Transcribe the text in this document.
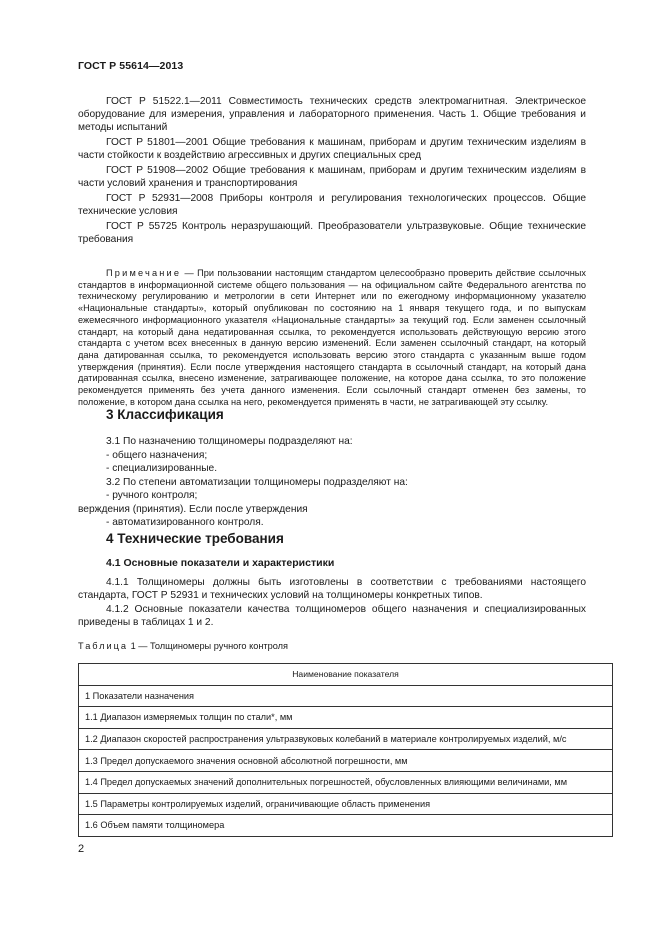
ГОСТ Р 55614—2013

ГОСТ Р 51522.1—2011 Совместимость технических средств электромагнитная. Электрическое оборудование для измерения, управления и лабораторного применения. Часть 1. Общие требования и методы испытаний

ГОСТ Р 51801—2001 Общие требования к машинам, приборам и другим техническим изделиям в части стойкости к воздействию агрессивных и других специальных сред

ГОСТ Р 51908—2002 Общие требования к машинам, приборам и другим техническим изделиям в части условий хранения и транспортирования

ГОСТ Р 52931—2008 Приборы контроля и регулирования технологических процессов. Общие технические условия

ГОСТ Р 55725 Контроль неразрушающий. Преобразователи ультразвуковые. Общие технические требования

Примечание — При пользовании настоящим стандартом целесообразно проверить действие ссылочных стандартов в информационной системе общего пользования — на официальном сайте Федерального агентства по техническому регулированию и метрологии в сети Интернет или по ежегодному информационному указателю «Национальные стандарты», который опубликован по состоянию на 1 января текущего года, и по выпускам ежемесячного информационного указателя «Национальные стандарты» за текущий год. Если заменен ссылочный стандарт, на который дана недатированная ссылка, то рекомендуется использовать действующую версию этого стандарта с учетом всех внесенных в данную версию изменений. Если заменен ссылочный стандарт, на который дана датированная ссылка, то рекомендуется использовать версию этого стандарта с указанным выше годом утверждения (принятия). Если после утверждения настоящего стандарта в ссылочный стандарт, на который дана датированная ссылка, внесено изменение, затрагивающее положение, на которое дана ссылка, то это положение рекомендуется применять без учета данного изменения. Если ссылочный стандарт отменен без замены, то положение, в котором дана ссылка на него, рекомендуется применять в части, не затрагивающей эту ссылку.

3 Классификация

3.1 По назначению толщиномеры подразделяют на:

- общего назначения;

- специализированные.

3.2 По степени автоматизации толщиномеры подразделяют на:

- ручного контроля;

верждения (принятия). Если после утверждения

- автоматизированного контроля.

4 Технические требования
4.1 Основные показатели и характеристики

4.1.1 Толщиномеры должны быть изготовлены в соответствии с требованиями настоящего стандарта, ГОСТ Р 52931 и технических условий на толщиномеры конкретных типов.

4.1.2 Основные показатели качества толщиномеров общего назначения и специализированных приведены в таблицах 1 и 2.

Таблица 1 — Толщиномеры ручного контроля
Наименование показателя
1 Показатели назначения
1.1 Диапазон измеряемых толщин по стали*, мм
1.2 Диапазон скоростей распространения ультразвуковых колебаний в материале контролируемых изделий, м/с
1.3 Предел допускаемого значения основной абсолютной погрешности, мм
1.4 Предел допускаемых значений дополнительных погрешностей, обусловленных влияющими величинами, мм
1.5 Параметры контролируемых изделий, ограничивающие область применения
1.6 Объем памяти толщиномера
2
